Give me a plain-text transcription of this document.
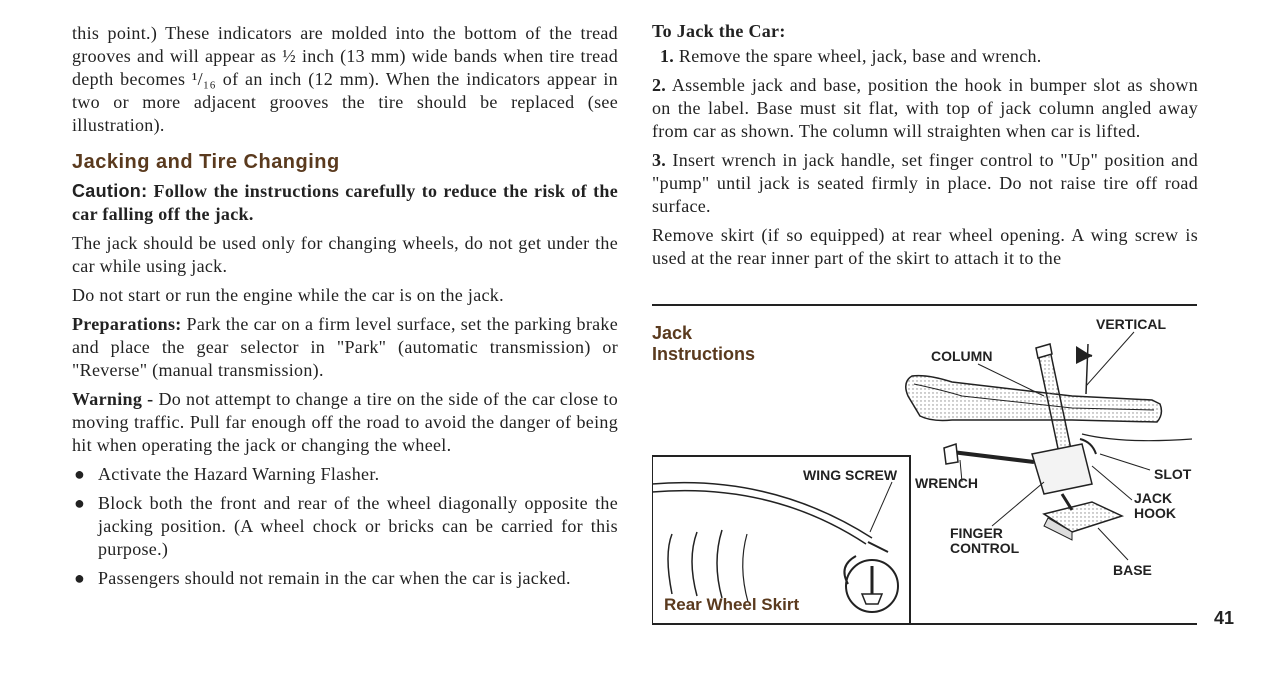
this point.) These indicators are molded into the bottom of the tread grooves and will appear as ½ inch (13 mm) wide bands when tire tread depth becomes ¹/₁₆ of an inch (12 mm). When the indicators appear in two or more adjacent grooves the tire should be replaced (see illustration).

Jacking and Tire Changing

Caution: Follow the instructions carefully to reduce the risk of the car falling off the jack.

The jack should be used only for changing wheels, do not get under the car while using jack.

Do not start or run the engine while the car is on the jack.

Preparations: Park the car on a firm level surface, set the parking brake and place the gear selector in "Park" (automatic transmission) or "Reverse" (manual transmission).

Warning - Do not attempt to change a tire on the side of the car close to moving traffic. Pull far enough off the road to avoid the danger of being hit when operating the jack or changing the wheel.

● Activate the Hazard Warning Flasher.
● Block both the front and rear of the wheel diagonally opposite the jacking position. (A wheel chock or bricks can be carried for this purpose.)
● Passengers should not remain in the car when the car is jacked.

To Jack the Car:

1. Remove the spare wheel, jack, base and wrench.

2. Assemble jack and base, position the hook in bumper slot as shown on the label. Base must sit flat, with top of jack column angled away from car as shown. The column will straighten when car is lifted.

3. Insert wrench in jack handle, set finger control to "Up" position and "pump" until jack is seated firmly in place. Do not raise tire off road surface.

Remove skirt (if so equipped) at rear wheel opening. A wing screw is used at the rear inner part of the skirt to attach it to the

Jack
Instructions
VERTICAL
COLUMN
SLOT
WRENCH
JACK
HOOK
FINGER
CONTROL
BASE
WING SCREW
Rear Wheel Skirt
41
